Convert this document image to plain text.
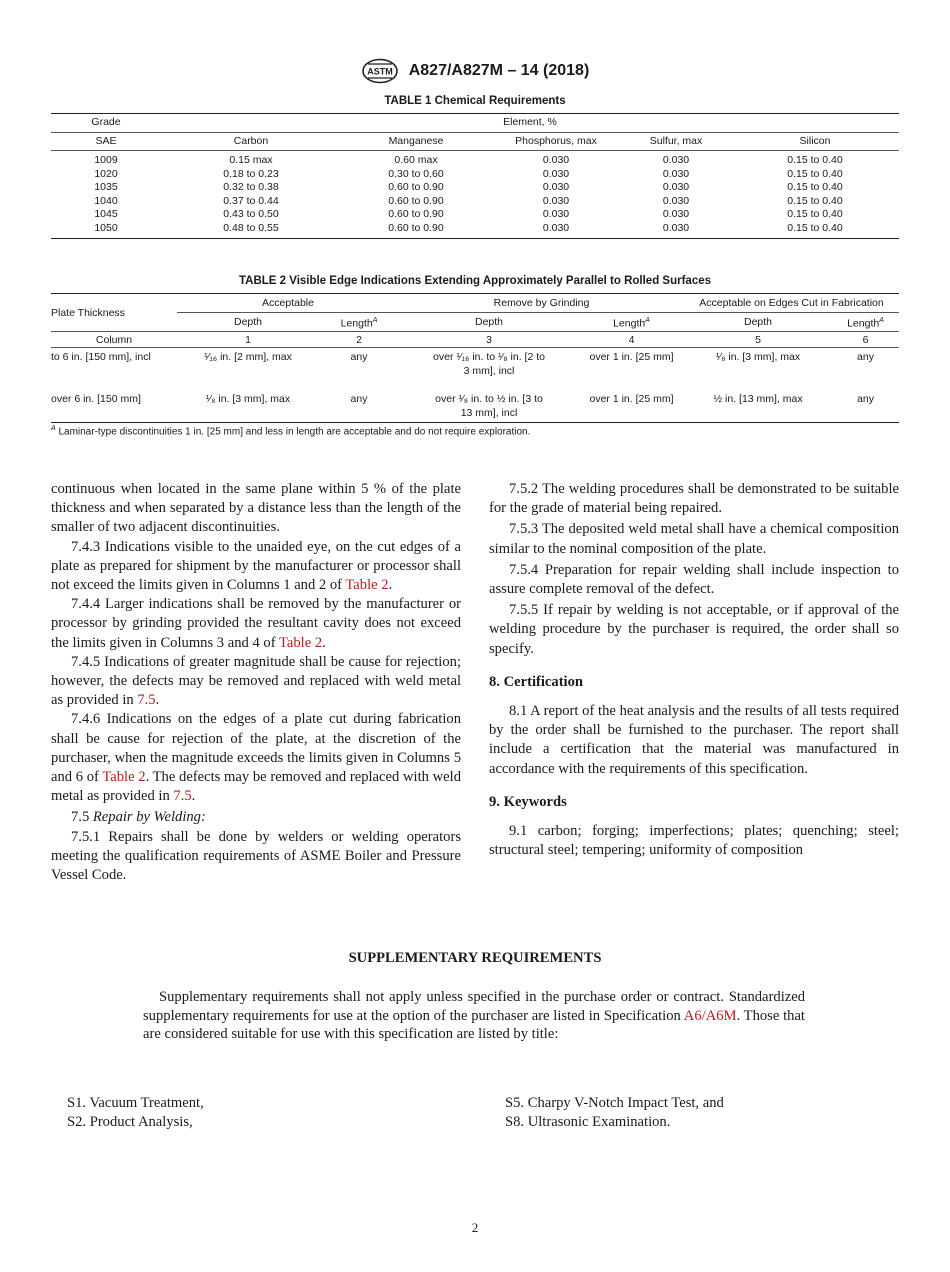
ASTM A827/A827M – 14 (2018)
TABLE 1 Chemical Requirements
Grade	Element, %				
SAE	Carbon	Manganese	Phosphorus, max	Sulfur, max	Silicon
1009	0.15 max	0.60 max	0.030	0.030	0.15 to 0.40
1020	0.18 to 0.23	0.30 to 0.60	0.030	0.030	0.15 to 0.40
1035	0.32 to 0.38	0.60 to 0.90	0.030	0.030	0.15 to 0.40
1040	0.37 to 0.44	0.60 to 0.90	0.030	0.030	0.15 to 0.40
1045	0.43 to 0.50	0.60 to 0.90	0.030	0.030	0.15 to 0.40
1050	0.48 to 0.55	0.60 to 0.90	0.030	0.030	0.15 to 0.40
TABLE 2 Visible Edge Indications Extending Approximately Parallel to Rolled Surfaces
Plate Thickness	Acceptable		Remove by Grinding		Acceptable on Edges Cut in Fabrication	
	Depth	Length$^A$	Depth	Length$^A$	Depth	Length$^A$
Column	1	2	3	4	5	6
to 6 in. [150 mm], incl	¹⁄₁₆ in. [2 mm], max	any	over ¹⁄₁₆ in. to ¹⁄₈ in. [2 to
3 mm], incl	over 1 in. [25 mm]	¹⁄₈ in. [3 mm], max	any
over 6 in. [150 mm]	¹⁄₈ in. [3 mm], max	any	over ¹⁄₈ in. to ½ in. [3 to
13 mm], incl	over 1 in. [25 mm]	½ in. [13 mm], max	any
$^A$ Laminar-type discontinuities 1 in. [25 mm] and less in length are acceptable and do not require exploration.

continuous when located in the same plane within 5 % of the plate thickness and when separated by a distance less than the length of the smaller of two adjacent discontinuities.

7.4.3 Indications visible to the unaided eye, on the cut edges of a plate as prepared for shipment by the manufacturer or processor shall not exceed the limits given in Columns 1 and 2 of Table 2.

7.4.4 Larger indications shall be removed by the manufacturer or processor by grinding provided the resultant cavity does not exceed the limits given in Columns 3 and 4 of Table 2.

7.4.5 Indications of greater magnitude shall be cause for rejection; however, the defects may be removed and replaced with weld metal as provided in 7.5.

7.4.6 Indications on the edges of a plate cut during fabrication shall be cause for rejection of the plate, at the discretion of the purchaser, when the magnitude exceeds the limits given in Columns 5 and 6 of Table 2. The defects may be removed and replaced with weld metal as provided in 7.5.

7.5 Repair by Welding:

7.5.1 Repairs shall be done by welders or welding operators meeting the qualification requirements of ASME Boiler and Pressure Vessel Code.

7.5.2 The welding procedures shall be demonstrated to be suitable for the grade of material being repaired.

7.5.3 The deposited weld metal shall have a chemical composition similar to the nominal composition of the plate.

7.5.4 Preparation for repair welding shall include inspection to assure complete removal of the defect.

7.5.5 If repair by welding is not acceptable, or if approval of the welding procedure by the purchaser is required, the order shall so specify.

8. Certification

8.1 A report of the heat analysis and the results of all tests required by the order shall be furnished to the purchaser. The report shall include a certification that the material was manufactured in accordance with the requirements of this specification.

9. Keywords

9.1 carbon; forging; imperfections; plates; quenching; steel; structural steel; tempering; uniformity of composition

SUPPLEMENTARY REQUIREMENTS
Supplementary requirements shall not apply unless specified in the purchase order or contract. Standardized supplementary requirements for use at the option of the purchaser are listed in Specification A6/A6M. Those that are considered suitable for use with this specification are listed by title:
S1. Vacuum Treatment,
S2. Product Analysis,
S5. Charpy V-Notch Impact Test, and
S8. Ultrasonic Examination.
2
